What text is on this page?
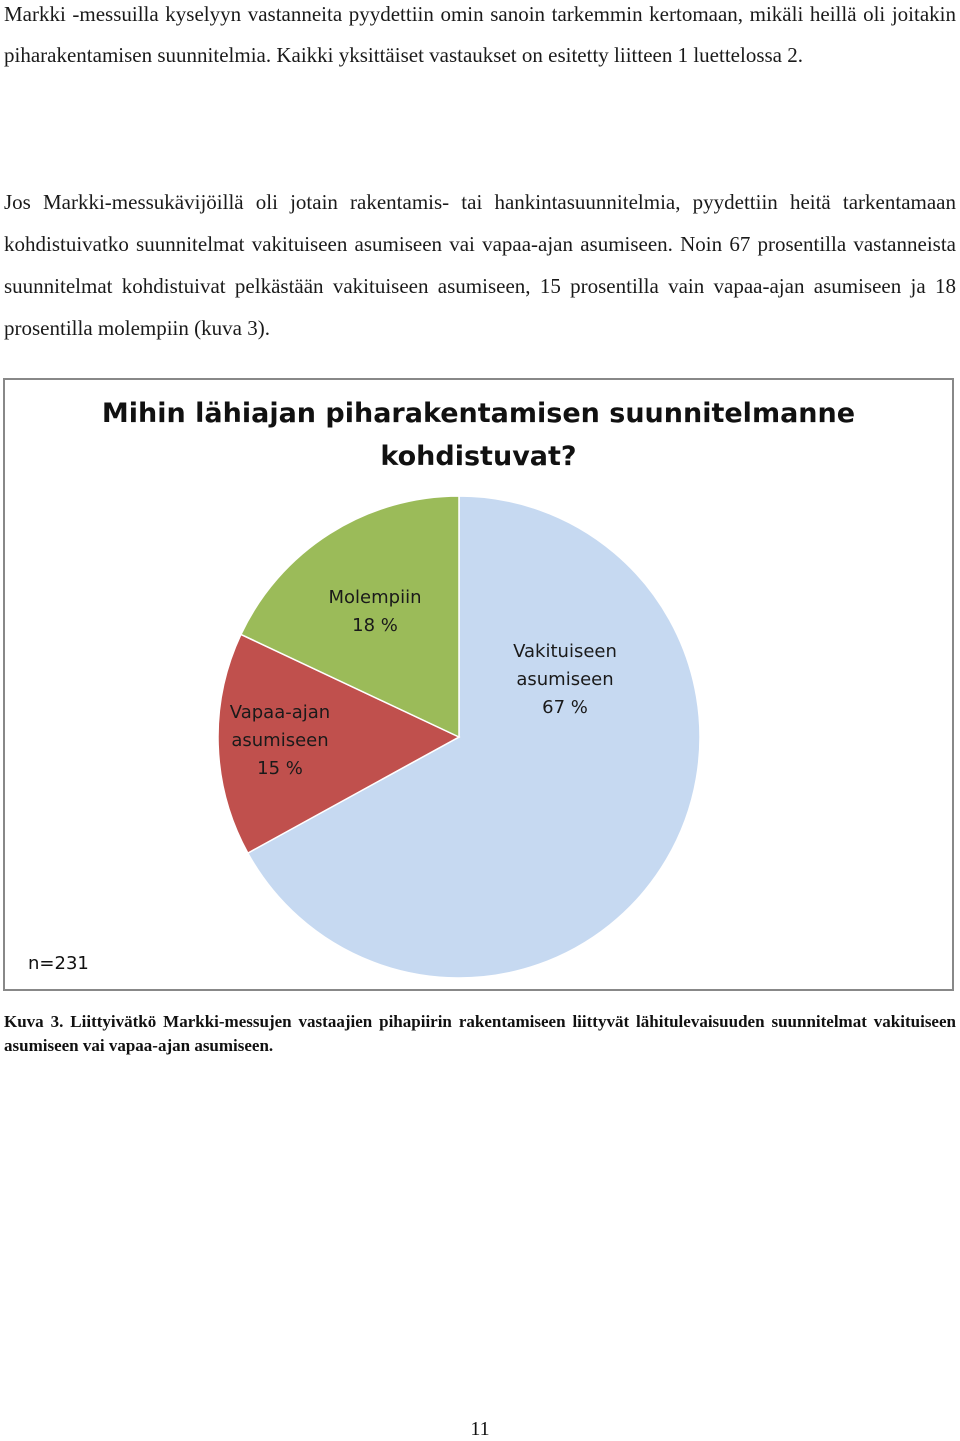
Markki -messuilla kyselyyn vastanneita pyydettiin omin sanoin tarkemmin kertomaan, mikäli heillä oli joitakin piharakentamisen suunnitelmia. Kaikki yksittäiset vastaukset on esitetty liitteen 1 luettelossa 2.

Jos Markki-messukävijöillä oli jotain rakentamis- tai hankintasuunnitelmia, pyydettiin heitä tarkentamaan kohdistuivatko suunnitelmat vakituiseen asumiseen vai vapaa-ajan asumiseen. Noin 67 prosentilla vastanneista suunnitelmat kohdistuivat pelkästään vakituiseen asumiseen, 15 prosentilla vain vapaa-ajan asumiseen ja 18 prosentilla molempiin (kuva 3).

Mihin lähiajan piharakentamisen suunnitelmanne
kohdistuvat?
Vakituiseen
asumiseen
67 %
Vapaa-ajan
asumiseen
15 %
Molempiin
18 %
n=231

Kuva 3. Liittyivätkö Markki-messujen vastaajien pihapiirin rakentamiseen liittyvät lähitulevaisuuden suunnitelmat vakituiseen asumiseen vai vapaa-ajan asumiseen.

11
